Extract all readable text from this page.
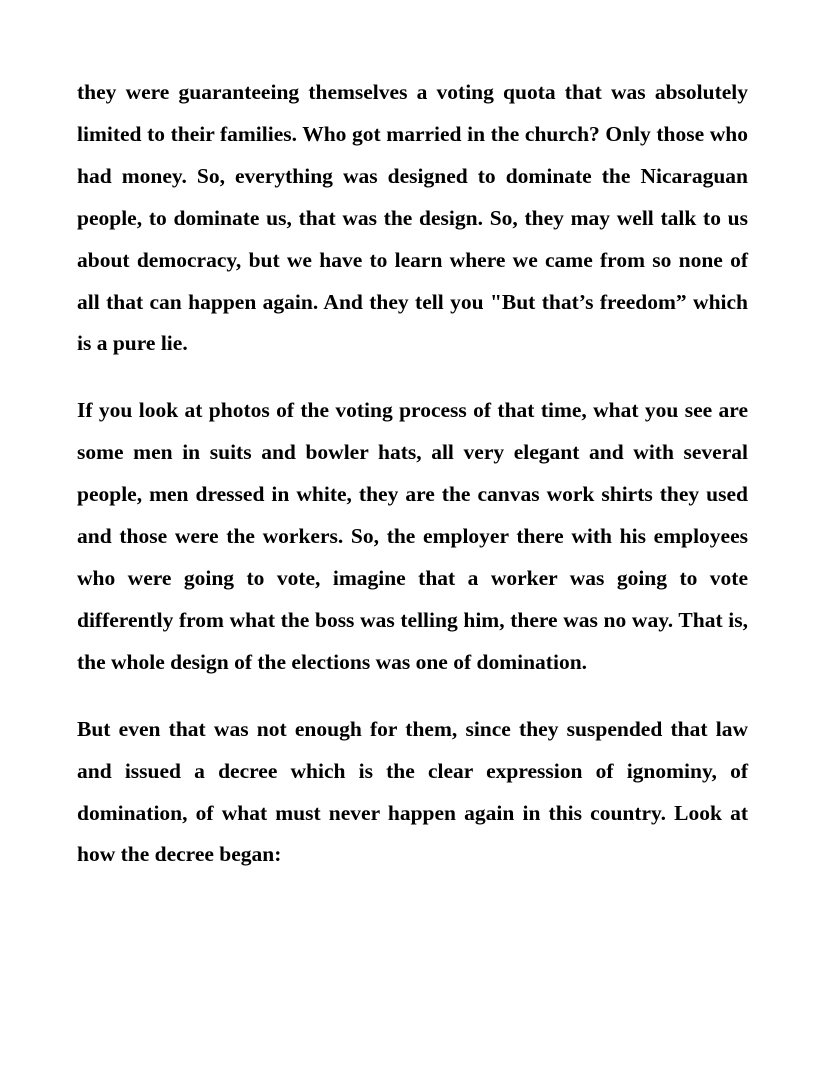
they were guaranteeing themselves a voting quota that was absolutely limited to their families. Who got married in the church? Only those who had money. So, everything was designed to dominate the Nicaraguan people, to dominate us, that was the design. So, they may well talk to us about democracy, but we have to learn where we came from so none of all that can happen again. And they tell you "But that’s freedom” which is a pure lie.

If you look at photos of the voting process of that time, what you see are some men in suits and bowler hats, all very elegant and with several people, men dressed in white, they are the canvas work shirts they used and those were the workers. So, the employer there with his employees who were going to vote, imagine that a worker was going to vote differently from what the boss was telling him, there was no way. That is, the whole design of the elections was one of domination.

But even that was not enough for them, since they suspended that law and issued a decree which is the clear expression of ignominy, of domination, of what must never happen again in this country. Look at how the decree began:
